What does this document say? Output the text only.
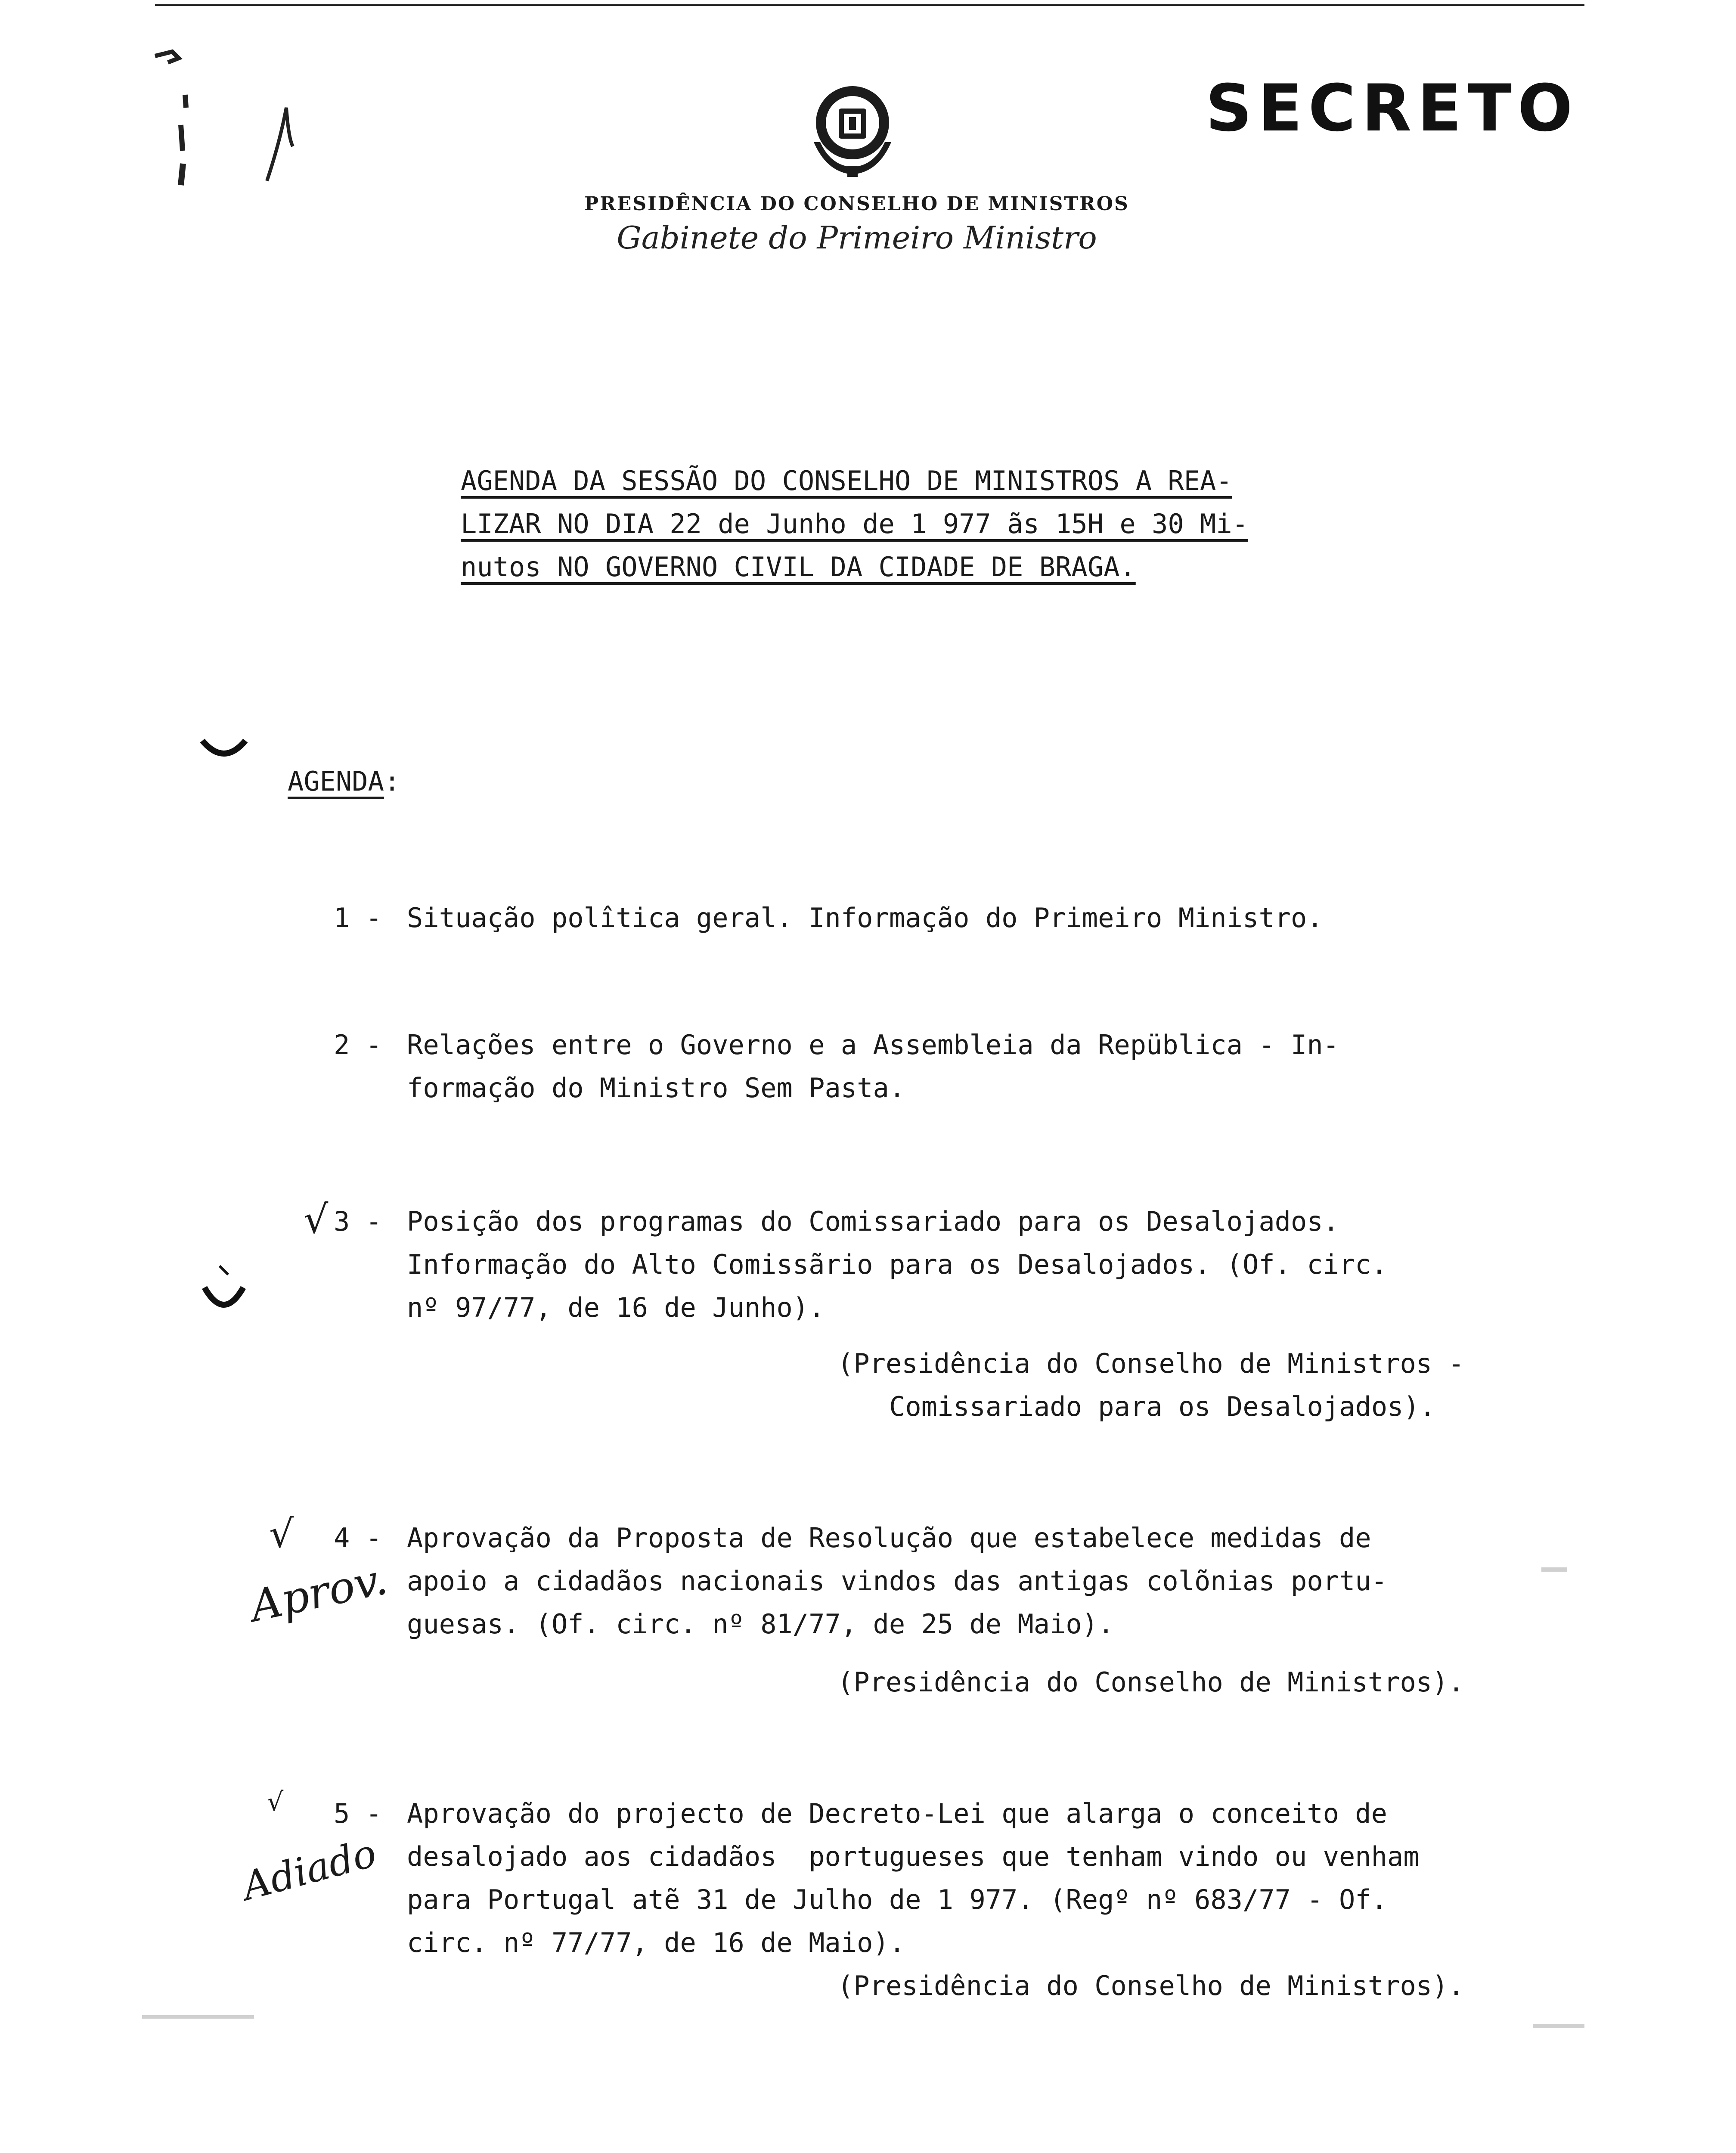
SECRETO
PRESIDÊNCIA DO CONSELHO DE MINISTROS
Gabinete do Primeiro Ministro
AGENDA DA SESSÃO DO CONSELHO DE MINISTROS A REA-
LIZAR NO DIA 22 de Junho de 1 977 ãs 15H e 30 Mi-
nutos NO GOVERNO CIVIL DA CIDADE DE BRAGA.
AGENDA:
1 - Situação polîtica geral. Informação do Primeiro Ministro.
2 - Relações entre o Governo e a Assembleia da Repüblica - In-
formação do Ministro Sem Pasta.
√ 3 - Posição dos programas do Comissariado para os Desalojados.
Informação do Alto Comissãrio para os Desalojados. (Of. circ.
nº 97/77, de 16 de Junho).
(Presidência do Conselho de Ministros -
Comissariado para os Desalojados).
√
Aprov.
4 - Aprovação da Proposta de Resolução que estabelece medidas de
apoio a cidadãos nacionais vindos das antigas colõnias portu-
guesas. (Of. circ. nº 81/77, de 25 de Maio).
(Presidência do Conselho de Ministros).
√
Adiado
5 - Aprovação do projecto de Decreto-Lei que alarga o conceito de
desalojado aos cidadãos  portugueses que tenham vindo ou venham
para Portugal atẽ 31 de Julho de 1 977. (Regº nº 683/77 - Of.
circ. nº 77/77, de 16 de Maio).
(Presidência do Conselho de Ministros).
